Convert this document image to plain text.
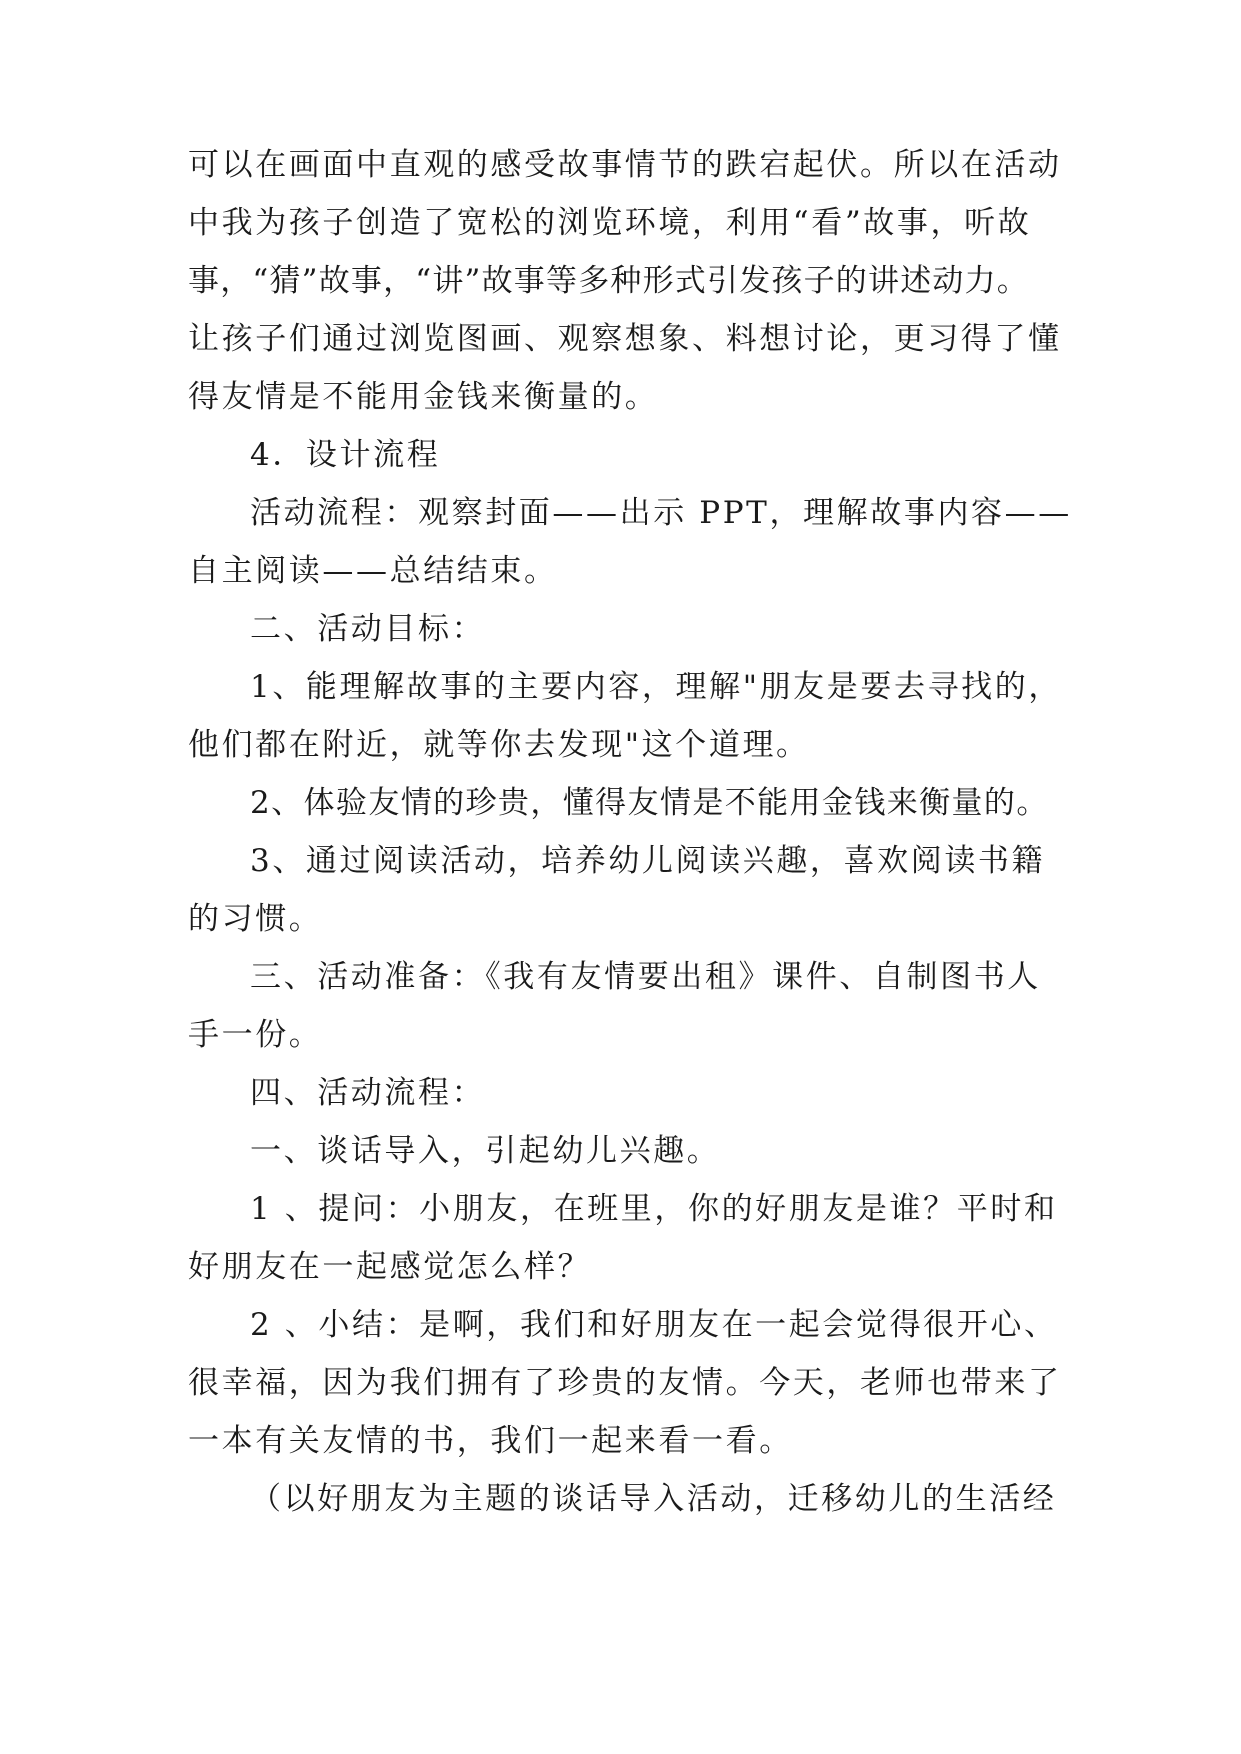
可以在画面中直观的感受故事情节的跌宕起伏。所以在活动
中我为孩子创造了宽松的浏览环境，利用“看”故事，听故
事，“猜”故事，“讲”故事等多种形式引发孩子的讲述动力。
让孩子们通过浏览图画、观察想象、料想讨论，更习得了懂
得友情是不能用金钱来衡量的。
4．设计流程
活动流程：观察封面——出示 PPT，理解故事内容——
自主阅读——总结结束。
二、活动目标：
1、能理解故事的主要内容，理解"朋友是要去寻找的，
他们都在附近，就等你去发现"这个道理。
2、体验友情的珍贵，懂得友情是不能用金钱来衡量的。
3、通过阅读活动，培养幼儿阅读兴趣，喜欢阅读书籍
的习惯。
三、活动准备：《我有友情要出租》课件、自制图书人
手一份。
四、活动流程：
一、谈话导入，引起幼儿兴趣。
1 、提问：小朋友，在班里，你的好朋友是谁？平时和
好朋友在一起感觉怎么样？
2 、小结：是啊，我们和好朋友在一起会觉得很开心、
很幸福，因为我们拥有了珍贵的友情。今天，老师也带来了
一本有关友情的书，我们一起来看一看。
（以好朋友为主题的谈话导入活动，迁移幼儿的生活经
